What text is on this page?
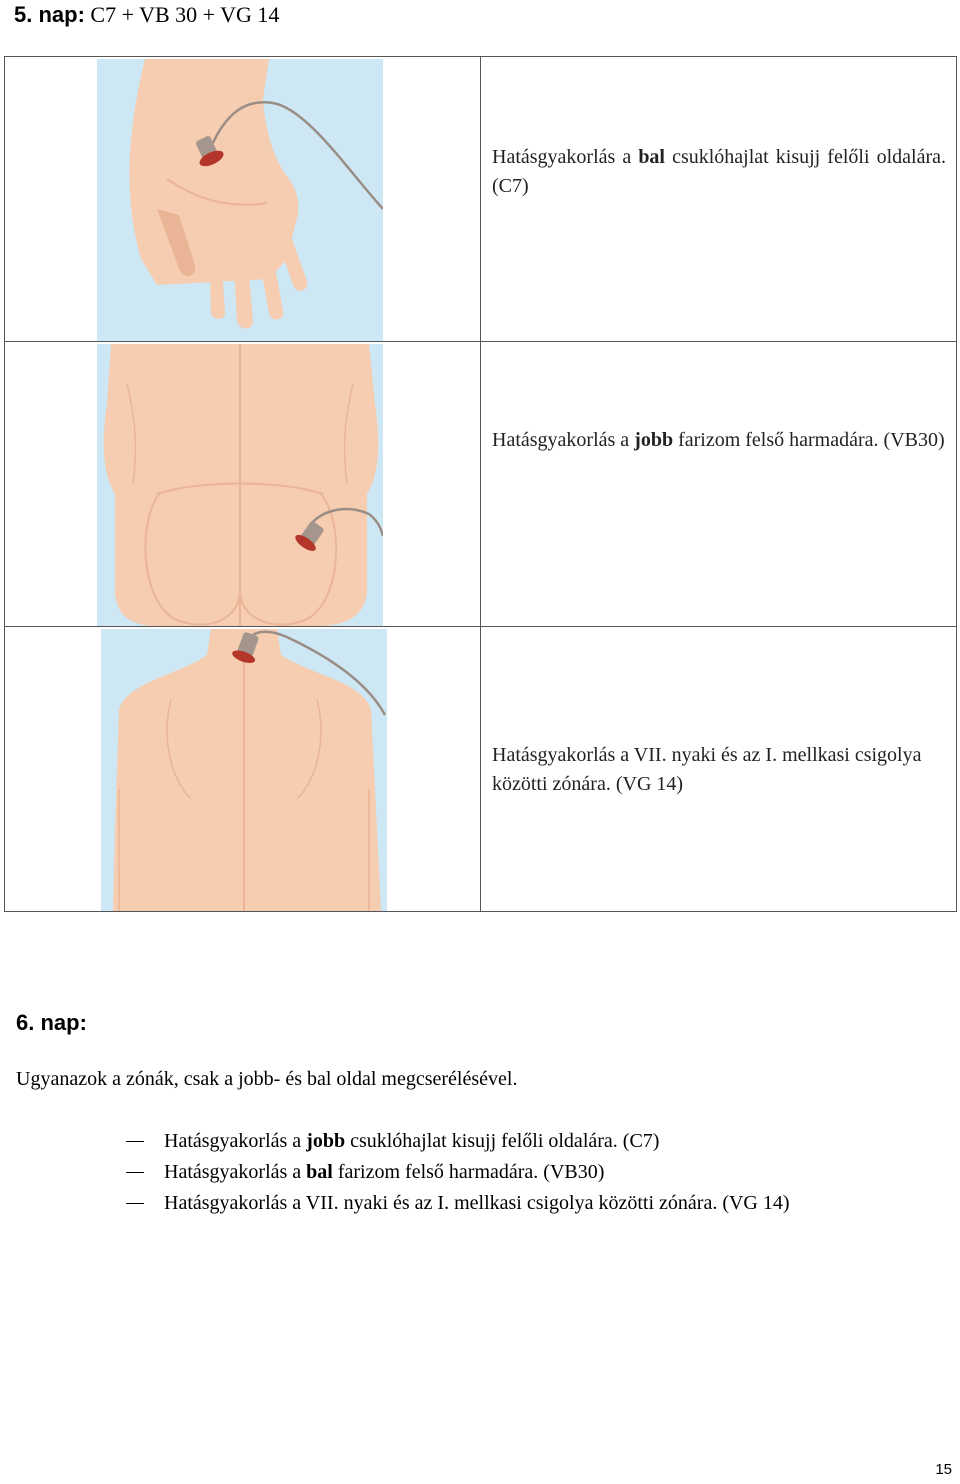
5. nap: C7 + VB 30 + VG 14

Hatásgyakorlás a bal csuklóhajlat kisujj felőli oldalára. (C7)

Hatásgyakorlás a jobb farizom felső harmadára. (VB30)

Hatásgyakorlás a VII. nyaki és az I. mellkasi csigolya közötti zónára. (VG 14)
6. nap:

Ugyanazok a zónák, csak a jobb- és bal oldal megcserélésével.

Hatásgyakorlás a jobb csuklóhajlat kisujj felőli oldalára. (C7)
Hatásgyakorlás a bal farizom felső harmadára. (VB30)
Hatásgyakorlás a VII. nyaki és az I. mellkasi csigolya közötti zónára. (VG 14)
15
